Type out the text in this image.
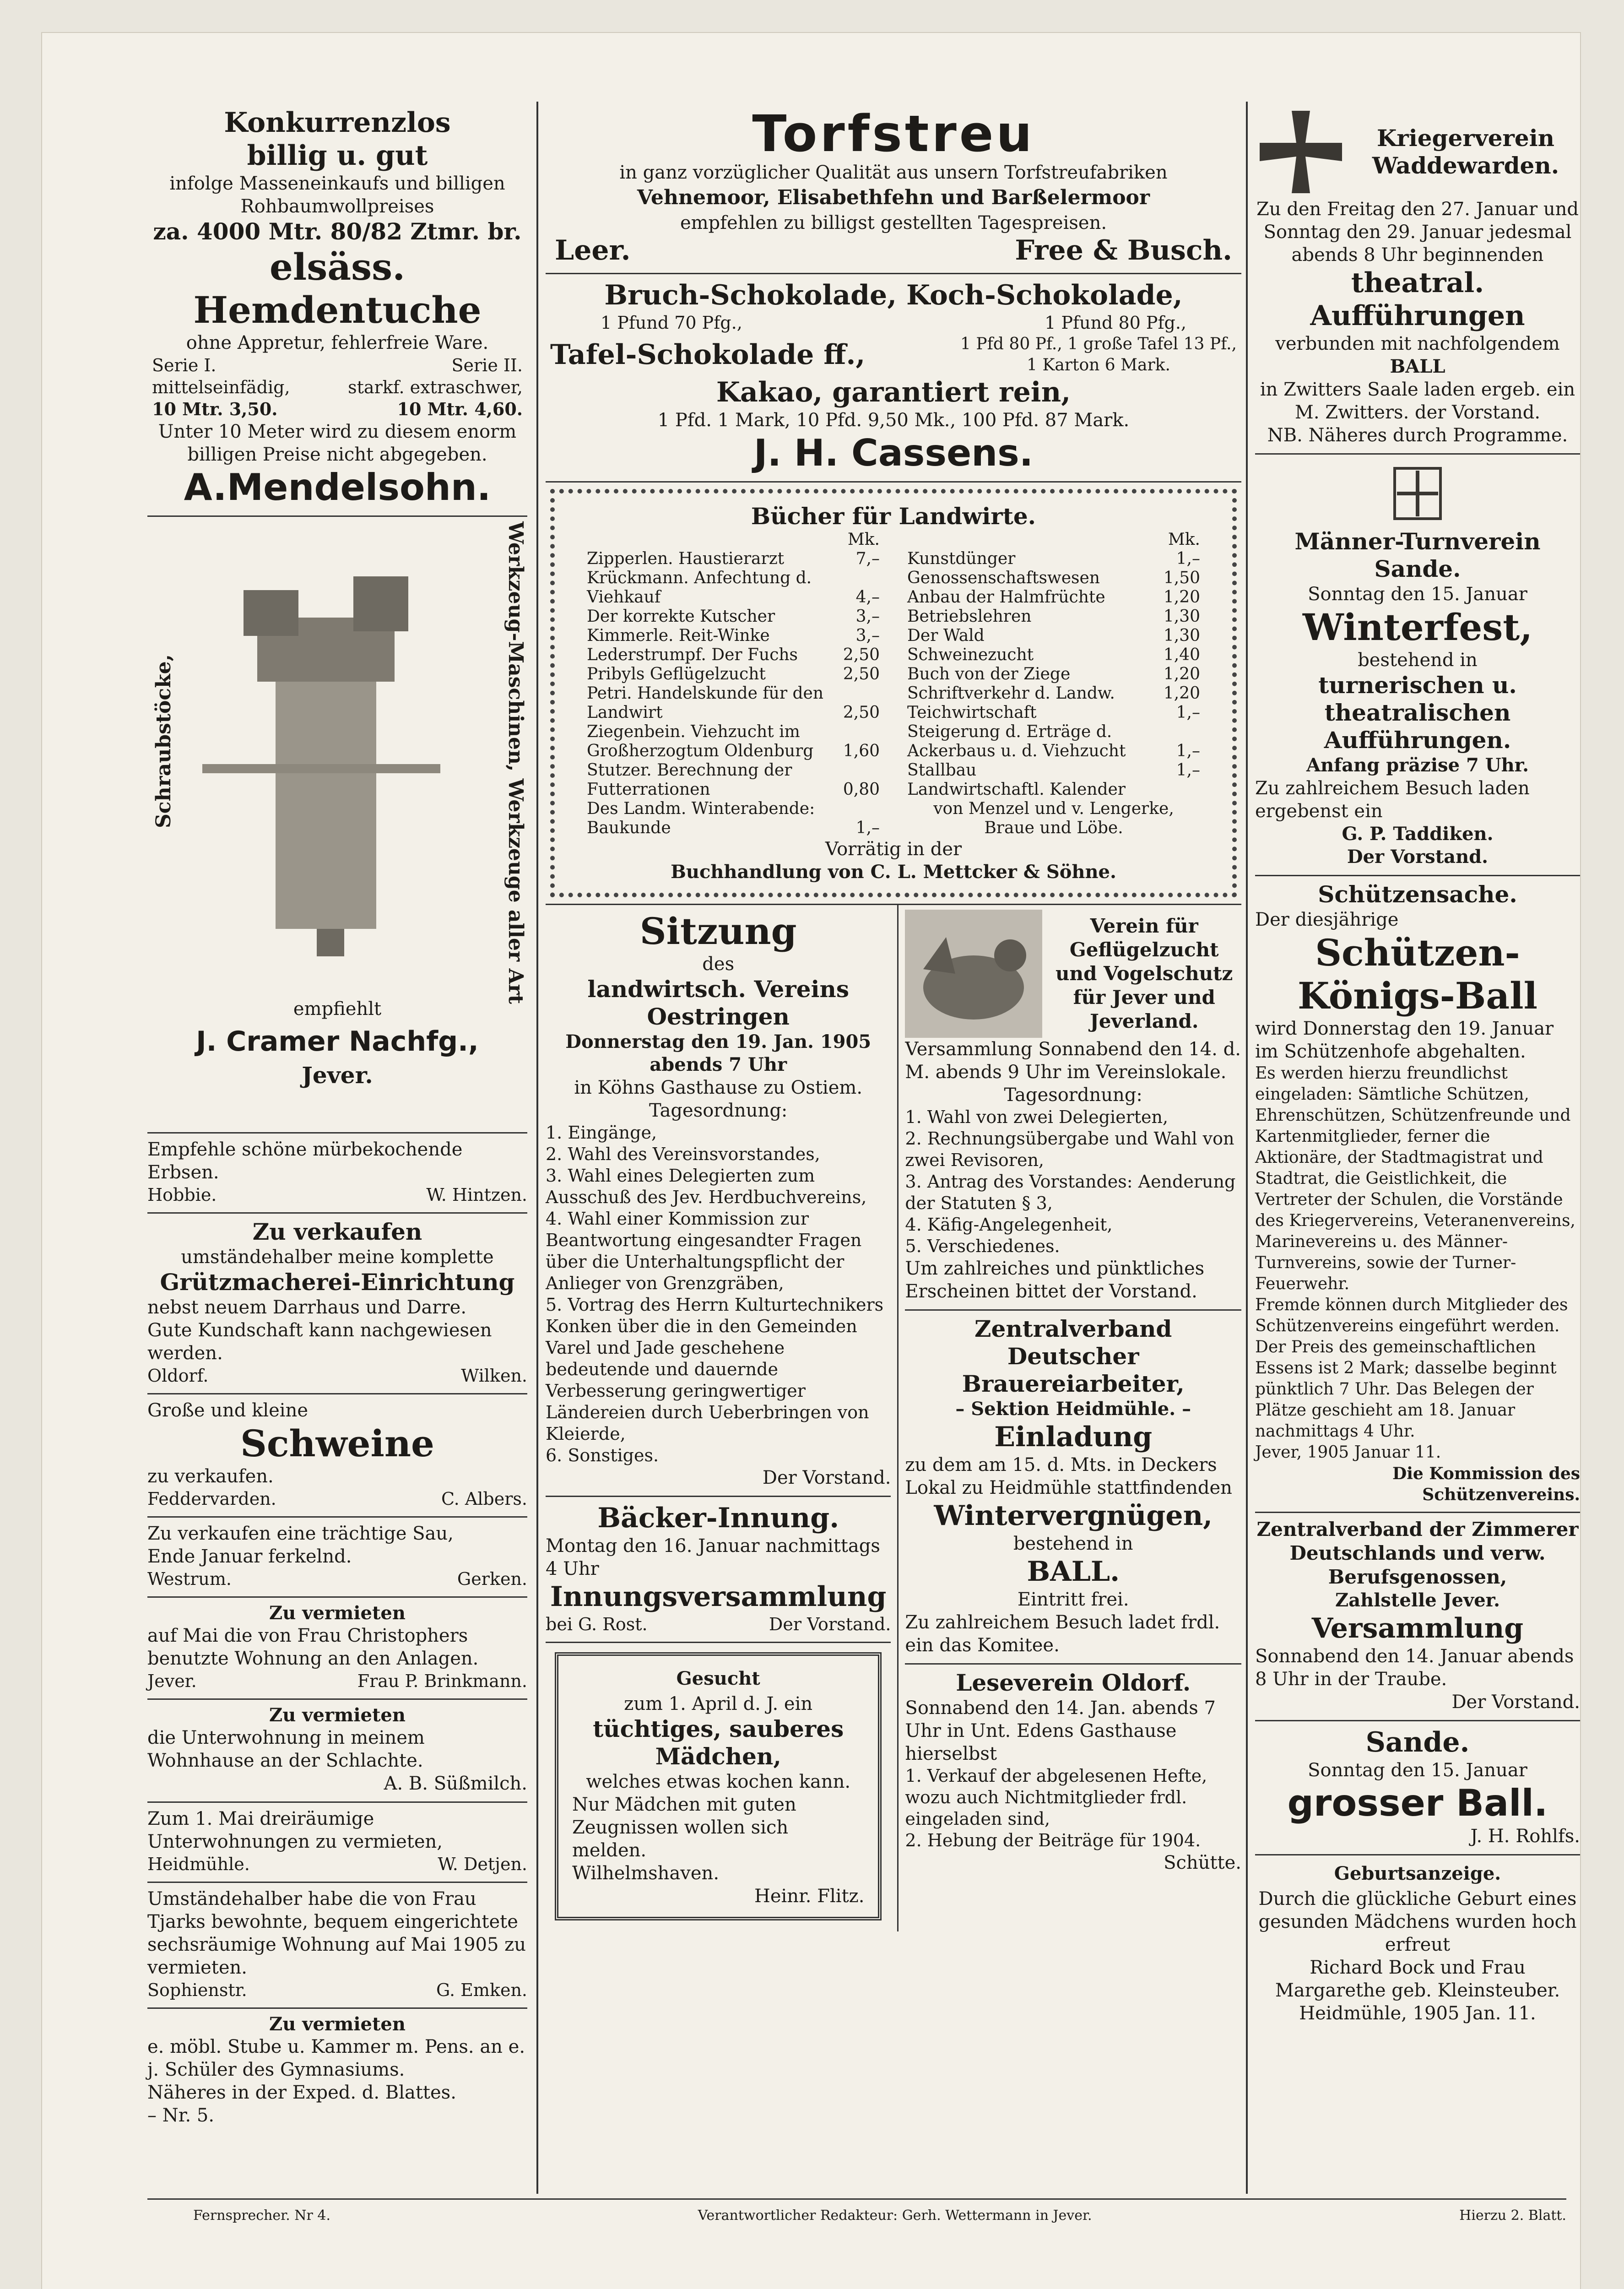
Konkurrenzlos
billig u. gut
infolge Masseneinkaufs und billigen
Rohbaumwollpreises
za. 4000 Mtr. 80/82 Ztmr. br.
elsäss. Hemdentuche
ohne Appretur, fehlerfreie Ware.
Serie I.	Serie II.
mittelseinfädig,	starkf. extraschwer,
10 Mtr. 3,50.	10 Mtr. 4,60.
Unter 10 Meter wird zu diesem enorm billigen Preise nicht abgegeben.
A.Mendelsohn.
Schraubstöcke,	Werkzeug-Maschinen, Werkzeuge aller Art
empfiehlt
J. Cramer Nachfg.,
Jever.
Empfehle schöne mürbekochende
Erbsen.
Hobbie.	W. Hintzen.
Zu verkaufen
umständehalber meine komplette
Grützmacherei-Einrichtung
nebst neuem Darrhaus und Darre.
Gute Kundschaft kann nachgewiesen werden.
Oldorf.	Wilken.
Große und kleine
Schweine
zu verkaufen.
Feddervarden.	C. Albers.
Zu verkaufen eine trächtige Sau,
Ende Januar ferkelnd.
Westrum.	Gerken.
Zu vermieten
auf Mai die von Frau Christophers benutzte Wohnung an den Anlagen.
Jever.	Frau P. Brinkmann.
Zu vermieten
die Unterwohnung in meinem Wohnhause an der Schlachte.
A. B. Süßmilch.
Zum 1. Mai dreiräumige Unterwohnungen zu vermieten,
Heidmühle.	W. Detjen.
Umständehalber habe die von Frau Tjarks bewohnte, bequem eingerichtete sechsräumige Wohnung auf Mai 1905 zu vermieten.
Sophienstr.	G. Emken.
Zu vermieten
e. möbl. Stube u. Kammer m. Pens. an e. j. Schüler des Gymnasiums.
Näheres in der Exped. d. Blattes.
– Nr. 5.
Torfstreu
in ganz vorzüglicher Qualität aus unsern Torfstreufabriken
Vehnemoor, Elisabethfehn und Barßelermoor
empfehlen zu billigst gestellten Tagespreisen.
Leer.	Free & Busch.
Bruch-Schokolade, Koch-Schokolade,
1 Pfund 70 Pfg.,	1 Pfund 80 Pfg.,
Tafel-Schokolade ff.,	1 Pfd 80 Pf., 1 große Tafel 13 Pf.,
1 Karton 6 Mark.
Kakao, garantiert rein,
1 Pfd. 1 Mark, 10 Pfd. 9,50 Mk., 100 Pfd. 87 Mark.
J. H. Cassens.
Bücher für Landwirte.
Mk.
Zipperlen. Haustierarzt	7,–
Krückmann. Anfechtung d.
Viehkauf	4,–
Der korrekte Kutscher	3,–
Kimmerle. Reit-Winke	3,–
Lederstrumpf. Der Fuchs	2,50
Pribyls Geflügelzucht	2,50
Petri. Handelskunde für den
Landwirt	2,50
Ziegenbein. Viehzucht im
Großherzogtum Oldenburg 1,60
Stutzer. Berechnung der
Futterrationen	0,80
Des Landm. Winterabende:
Baukunde	1,–
Mk.
Kunstdünger	1,–
Genossenschaftswesen	1,50
Anbau der Halmfrüchte	1,20
Betriebslehren	1,30
Der Wald	1,30
Schweinezucht	1,40
Buch von der Ziege	1,20
Schriftverkehr d. Landw.	1,20
Teichwirtschaft	1,–
Steigerung d. Erträge d.
Ackerbaus u. d. Viehzucht	1,–
Stallbau	1,–
Landwirtschaftl. Kalender
von Menzel und v. Lengerke, Braue und Löbe.
Vorrätig in der
Buchhandlung von C. L. Mettcker & Söhne.
Sitzung
des
landwirtsch. Vereins Oestringen
Donnerstag den 19. Jan. 1905
abends 7 Uhr
in Köhns Gasthause zu Ostiem.
Tagesordnung:
1. Eingänge,
2. Wahl des Vereinsvorstandes,
3. Wahl eines Delegierten zum Ausschuß des Jev. Herdbuchvereins,
4. Wahl einer Kommission zur Beantwortung eingesandter Fragen über die Unterhaltungspflicht der Anlieger von Grenzgräben,
5. Vortrag des Herrn Kulturtechnikers Konken über die in den Gemeinden Varel und Jade geschehene bedeutende und dauernde Verbesserung geringwertiger Ländereien durch Ueberbringen von Kleierde,
6. Sonstiges.
Der Vorstand.
Bäcker-Innung.
Montag den 16. Januar nachmittags 4 Uhr
Innungsversammlung
bei G. Rost.	Der Vorstand.
Gesucht
zum 1. April d. J. ein
tüchtiges, sauberes Mädchen,
welches etwas kochen kann.
Nur Mädchen mit guten Zeugnissen wollen sich melden.
Wilhelmshaven.
Heinr. Flitz.
Verein für Geflügelzucht und Vogelschutz für Jever und Jeverland.
Versammlung Sonnabend den 14. d. M. abends 9 Uhr im Vereinslokale.
Tagesordnung:
1. Wahl von zwei Delegierten,
2. Rechnungsübergabe und Wahl von zwei Revisoren,
3. Antrag des Vorstandes: Aenderung der Statuten § 3,
4. Käfig-Angelegenheit,
5. Verschiedenes.
Um zahlreiches und pünktliches Erscheinen bittet der Vorstand.
Zentralverband Deutscher
Brauereiarbeiter,
– Sektion Heidmühle. –
Einladung
zu dem am 15. d. Mts. in Deckers Lokal zu Heidmühle stattfindenden
Wintervergnügen,
bestehend in
BALL.
Eintritt frei.
Zu zahlreichem Besuch ladet frdl. ein das Komitee.
Leseverein Oldorf.
Sonnabend den 14. Jan. abends 7 Uhr in Unt. Edens Gasthause hierselbst
1. Verkauf der abgelesenen Hefte, wozu auch Nichtmitglieder frdl. eingeladen sind,
2. Hebung der Beiträge für 1904.
Schütte.
Kriegerverein Waddewarden.
Zu den Freitag den 27. Januar und Sonntag den 29. Januar jedesmal abends 8 Uhr beginnenden
theatral. Aufführungen
verbunden mit nachfolgendem
BALL
in Zwitters Saale laden ergeb. ein
M. Zwitters. der Vorstand.
NB. Näheres durch Programme.
Männer-Turnverein Sande.
Sonntag den 15. Januar
Winterfest,
bestehend in
turnerischen u. theatralischen Aufführungen.
Anfang präzise 7 Uhr.
Zu zahlreichem Besuch laden ergebenst ein
G. P. Taddiken.
Der Vorstand.
Schützensache.
Der diesjährige
Schützen-Königs-Ball
wird Donnerstag den 19. Januar im Schützenhofe abgehalten.
Es werden hierzu freundlichst eingeladen: Sämtliche Schützen, Ehrenschützen, Schützenfreunde und Kartenmitglieder, ferner die Aktionäre, der Stadtmagistrat und Stadtrat, die Geistlichkeit, die Vertreter der Schulen, die Vorstände des Kriegervereins, Veteranenvereins, Marinevereins u. des Männer-Turnvereins, sowie der Turner-Feuerwehr.
Fremde können durch Mitglieder des Schützenvereins eingeführt werden.
Der Preis des gemeinschaftlichen Essens ist 2 Mark; dasselbe beginnt pünktlich 7 Uhr. Das Belegen der Plätze geschieht am 18. Januar nachmittags 4 Uhr.
Jever, 1905 Januar 11.
Die Kommission des Schützenvereins.
Zentralverband der Zimmerer Deutschlands und verw. Berufsgenossen,
Zahlstelle Jever.
Versammlung
Sonnabend den 14. Januar abends 8 Uhr in der Traube.
Der Vorstand.
Sande.
Sonntag den 15. Januar
grosser Ball.
J. H. Rohlfs.
Geburtsanzeige.
Durch die glückliche Geburt eines gesunden Mädchens wurden hoch erfreut
Richard Bock und Frau
Margarethe geb. Kleinsteuber.
Heidmühle, 1905 Jan. 11.
Fernsprecher. Nr 4.	Verantwortlicher Redakteur: Gerh. Wettermann in Jever.	Hierzu 2. Blatt.
